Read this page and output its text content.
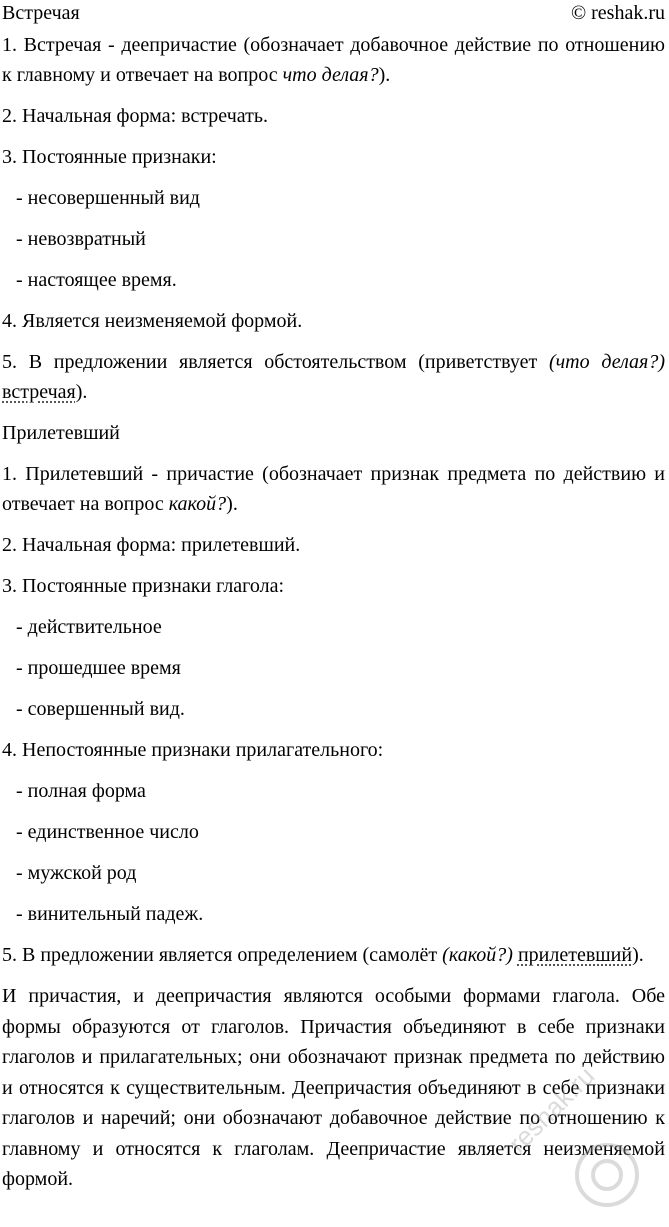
Встречая	© reshak.ru

1. Встречая - деепричастие (обозначает добавочное действие по отношению к главному и отвечает на вопрос что делая?).

2. Начальная форма: встречать.

3. Постоянные признаки:

- несовершенный вид

- невозвратный

- настоящее время.

4. Является неизменяемой формой.

5. В предложении является обстоятельством (приветствует (что делая?) встречая).

Прилетевший

1. Прилетевший - причастие (обозначает признак предмета по действию и отвечает на вопрос какой?).

2. Начальная форма: прилетевший.

3. Постоянные признаки глагола:

- действительное

- прошедшее время

- совершенный вид.

4. Непостоянные признаки прилагательного:

- полная форма

- единственное число

- мужской род

- винительный падеж.

5. В предложении является определением (самолёт (какой?) прилетевший).

И причастия, и деепричастия являются особыми формами глагола. Обе формы образуются от глаголов. Причастия объединяют в себе признаки глаголов и прилагательных; они обозначают признак предмета по действию и относятся к существительным. Деепричастия объединяют в себе признаки глаголов и наречий; они обозначают добавочное действие по отношению к главному и относятся к глаголам. Деепричастие является неизменяемой формой.

reshak.ru
